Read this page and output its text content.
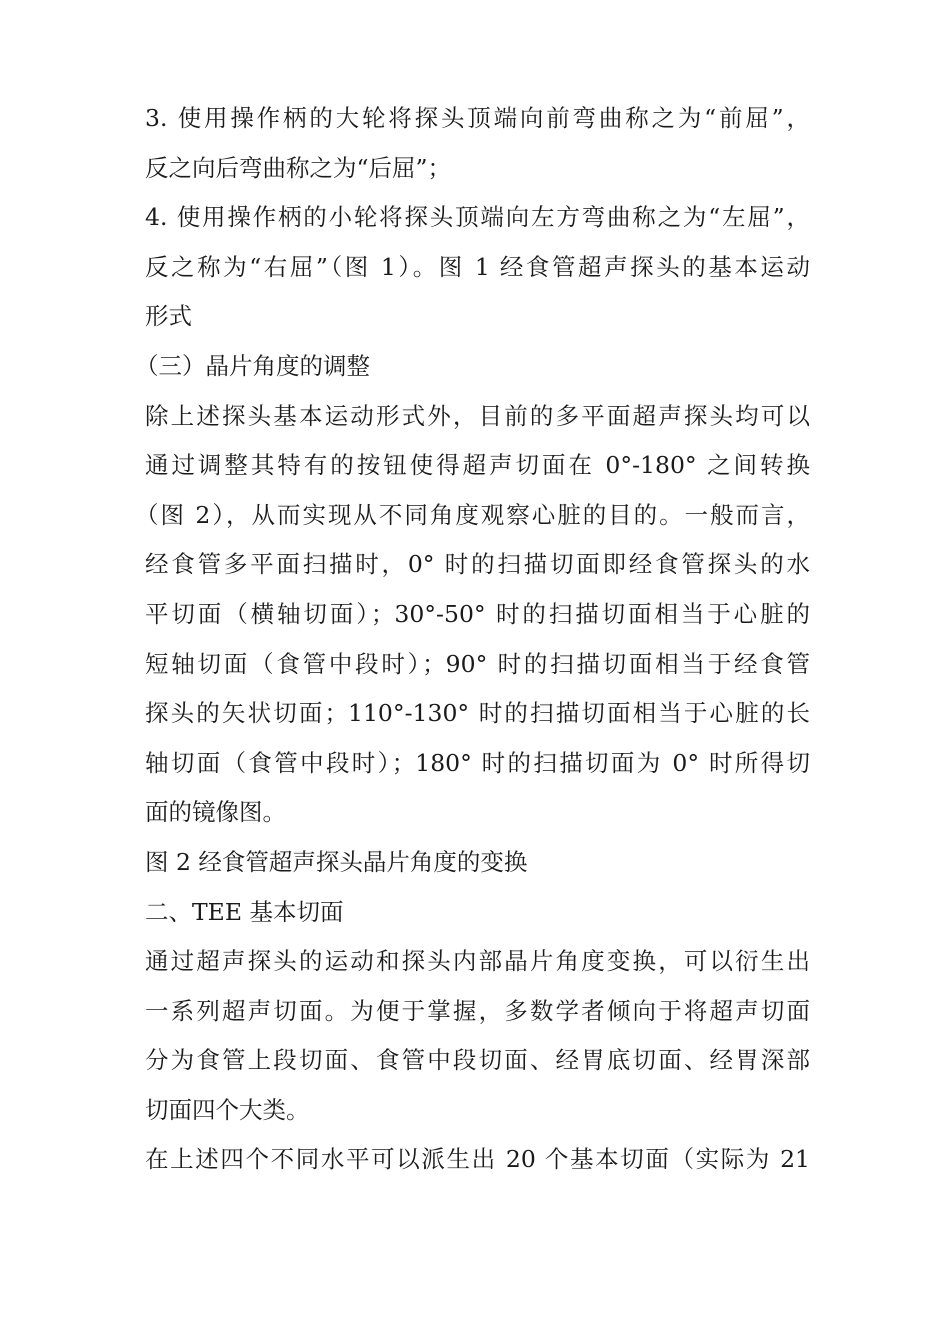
3. 使用操作柄的大轮将探头顶端向前弯曲称之为“前屈”，
反之向后弯曲称之为“后屈”；
4. 使用操作柄的小轮将探头顶端向左方弯曲称之为“左屈”，
反之称为“右屈”（图 1）。图 1 经食管超声探头的基本运动
形式
（三）晶片角度的调整
除上述探头基本运动形式外，目前的多平面超声探头均可以
通过调整其特有的按钮使得超声切面在 0°-180° 之间转换
（图 2），从而实现从不同角度观察心脏的目的。一般而言，
经食管多平面扫描时，0° 时的扫描切面即经食管探头的水
平切面（横轴切面）；30°-50° 时的扫描切面相当于心脏的
短轴切面（食管中段时）；90° 时的扫描切面相当于经食管
探头的矢状切面；110°-130° 时的扫描切面相当于心脏的长
轴切面（食管中段时）；180° 时的扫描切面为 0° 时所得切
面的镜像图。
图 2 经食管超声探头晶片角度的变换
二、TEE 基本切面
通过超声探头的运动和探头内部晶片角度变换，可以衍生出
一系列超声切面。为便于掌握，多数学者倾向于将超声切面
分为食管上段切面、食管中段切面、经胃底切面、经胃深部
切面四个大类。
在上述四个不同水平可以派生出 20 个基本切面（实际为 21
